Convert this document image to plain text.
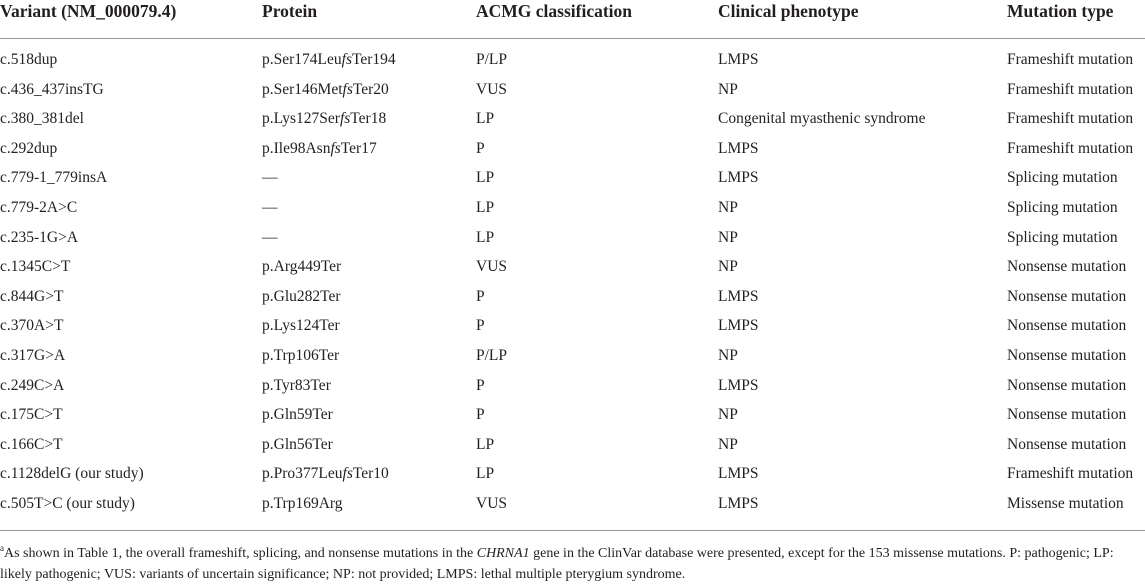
Variant (NM_000079.4)	Protein	ACMG classification	Clinical phenotype	Mutation type
c.518dup	p.Ser174LeufsTer194	P/LP	LMPS	Frameshift mutation
c.436_437insTG	p.Ser146MetfsTer20	VUS	NP	Frameshift mutation
c.380_381del	p.Lys127SerfsTer18	LP	Congenital myasthenic syndrome	Frameshift mutation
c.292dup	p.Ile98AsnfsTer17	P	LMPS	Frameshift mutation
c.779-1_779insA	—	LP	LMPS	Splicing mutation
c.779-2A>C	—	LP	NP	Splicing mutation
c.235-1G>A	—	LP	NP	Splicing mutation
c.1345C>T	p.Arg449Ter	VUS	NP	Nonsense mutation
c.844G>T	p.Glu282Ter	P	LMPS	Nonsense mutation
c.370A>T	p.Lys124Ter	P	LMPS	Nonsense mutation
c.317G>A	p.Trp106Ter	P/LP	NP	Nonsense mutation
c.249C>A	p.Tyr83Ter	P	LMPS	Nonsense mutation
c.175C>T	p.Gln59Ter	P	NP	Nonsense mutation
c.166C>T	p.Gln56Ter	LP	NP	Nonsense mutation
c.1128delG (our study)	p.Pro377LeufsTer10	LP	LMPS	Frameshift mutation
c.505T>C (our study)	p.Trp169Arg	VUS	LMPS	Missense mutation
$^a$As shown in Table 1, the overall frameshift, splicing, and nonsense mutations in the CHRNA1 gene in the ClinVar database were presented, except for the 153 missense mutations. P: pathogenic; LP: likely pathogenic; VUS: variants of uncertain significance; NP: not provided; LMPS: lethal multiple pterygium syndrome.
